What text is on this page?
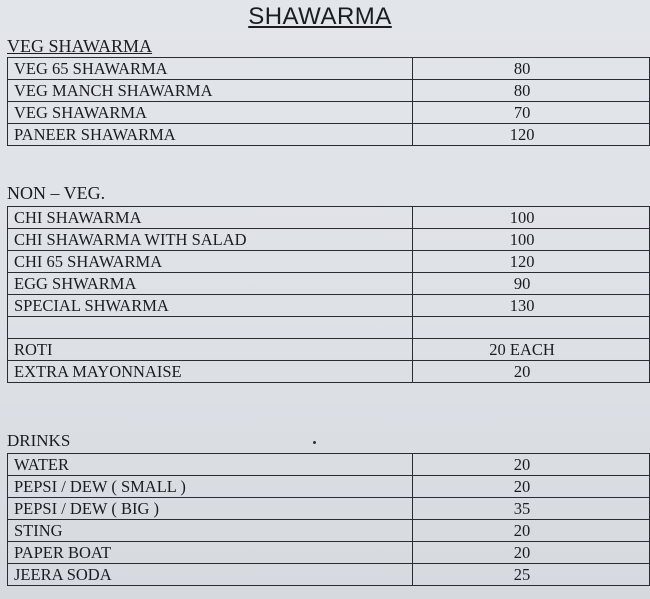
SHAWARMA
VEG SHAWARMA
VEG 65 SHAWARMA	80
VEG MANCH SHAWARMA	80
VEG SHAWARMA	70
PANEER SHAWARMA	120
NON – VEG.
CHI SHAWARMA	100
CHI SHAWARMA WITH SALAD	100
CHI 65 SHAWARMA	120
EGG SHWARMA	90
SPECIAL SHWARMA	130

ROTI	20 EACH
EXTRA MAYONNAISE	20
DRINKS
WATER	20
PEPSI / DEW ( SMALL )	20
PEPSI / DEW ( BIG )	35
STING	20
PAPER BOAT	20
JEERA SODA	25
